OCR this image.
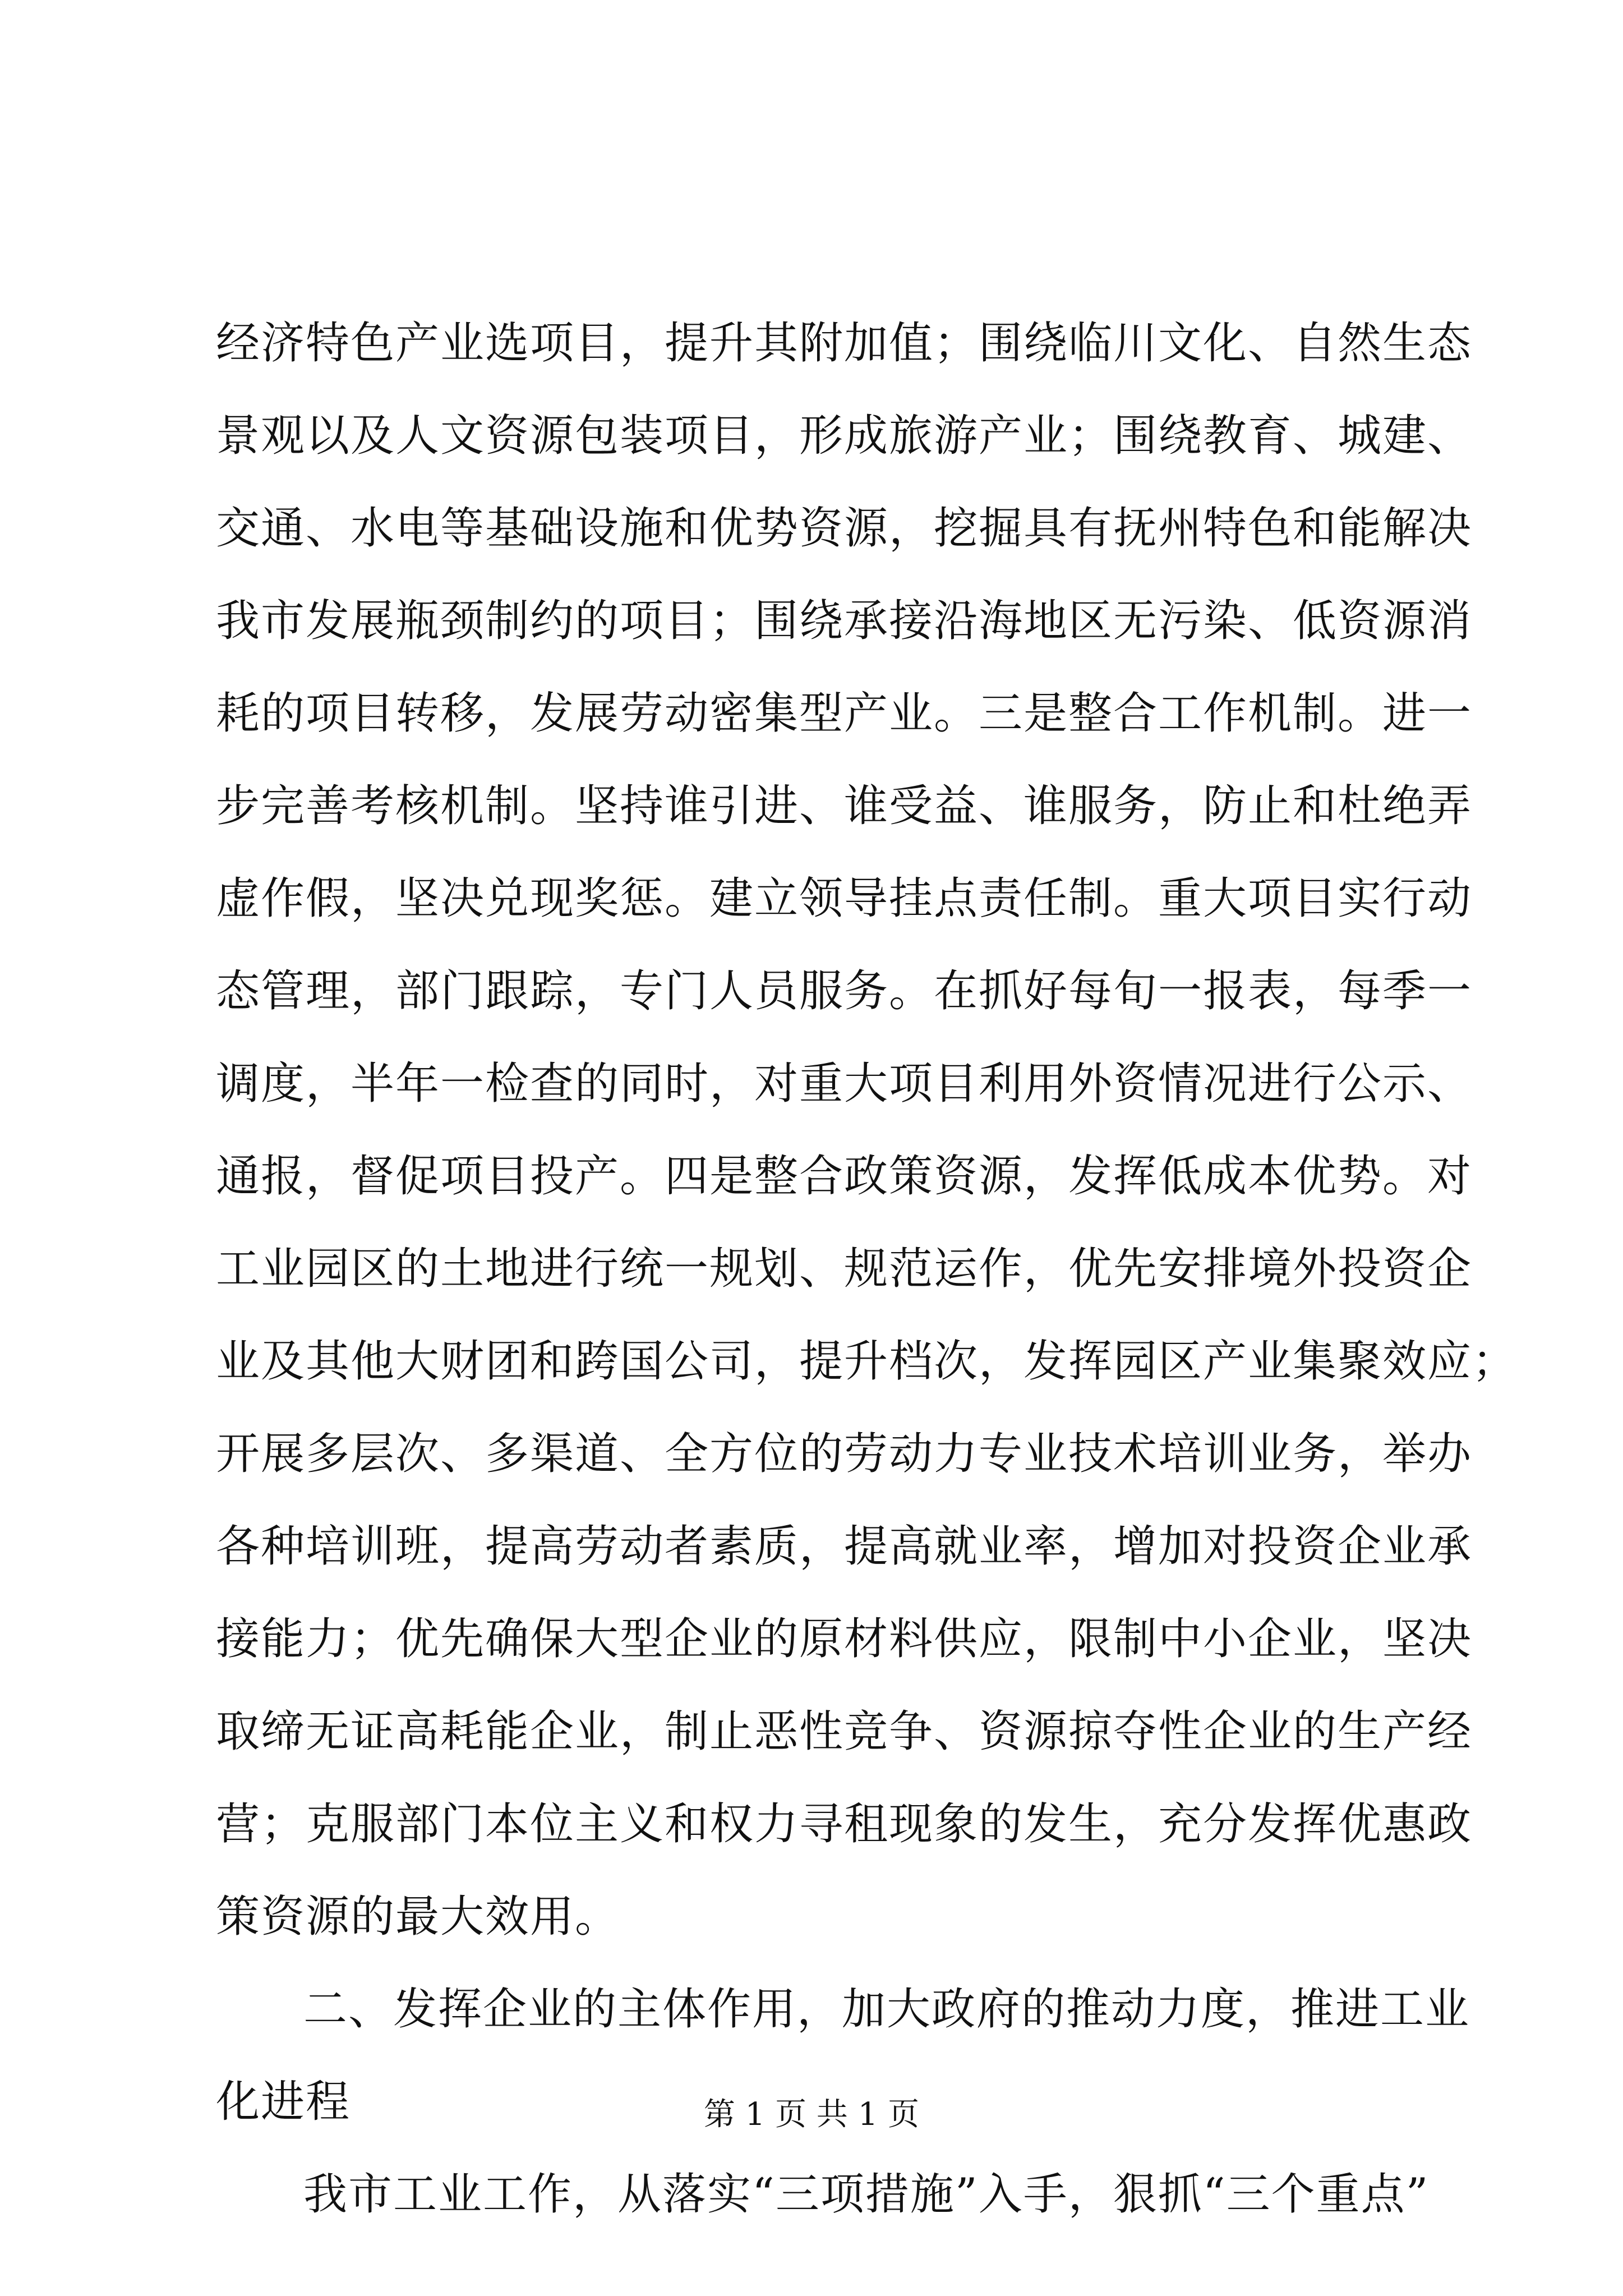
经济特色产业选项目，提升其附加值；围绕临川文化、自然生态
景观以及人文资源包装项目，形成旅游产业；围绕教育、城建、
交通、水电等基础设施和优势资源，挖掘具有抚州特色和能解决
我市发展瓶颈制约的项目；围绕承接沿海地区无污染、低资源消
耗的项目转移，发展劳动密集型产业。三是整合工作机制。进一
步完善考核机制。坚持谁引进、谁受益、谁服务，防止和杜绝弄
虚作假，坚决兑现奖惩。建立领导挂点责任制。重大项目实行动
态管理，部门跟踪，专门人员服务。在抓好每旬一报表，每季一
调度，半年一检查的同时，对重大项目利用外资情况进行公示、
通报，督促项目投产。四是整合政策资源，发挥低成本优势。对
工业园区的土地进行统一规划、规范运作，优先安排境外投资企
业及其他大财团和跨国公司，提升档次，发挥园区产业集聚效应；
开展多层次、多渠道、全方位的劳动力专业技术培训业务，举办
各种培训班，提高劳动者素质，提高就业率，增加对投资企业承
接能力；优先确保大型企业的原材料供应，限制中小企业，坚决
取缔无证高耗能企业，制止恶性竞争、资源掠夺性企业的生产经
营；克服部门本位主义和权力寻租现象的发生，充分发挥优惠政
策资源的最大效用。
二、发挥企业的主体作用，加大政府的推动力度，推进工业
化进程
我市工业工作，从落实“三项措施”入手，狠抓“三个重点”
第 1 页 共 1 页
